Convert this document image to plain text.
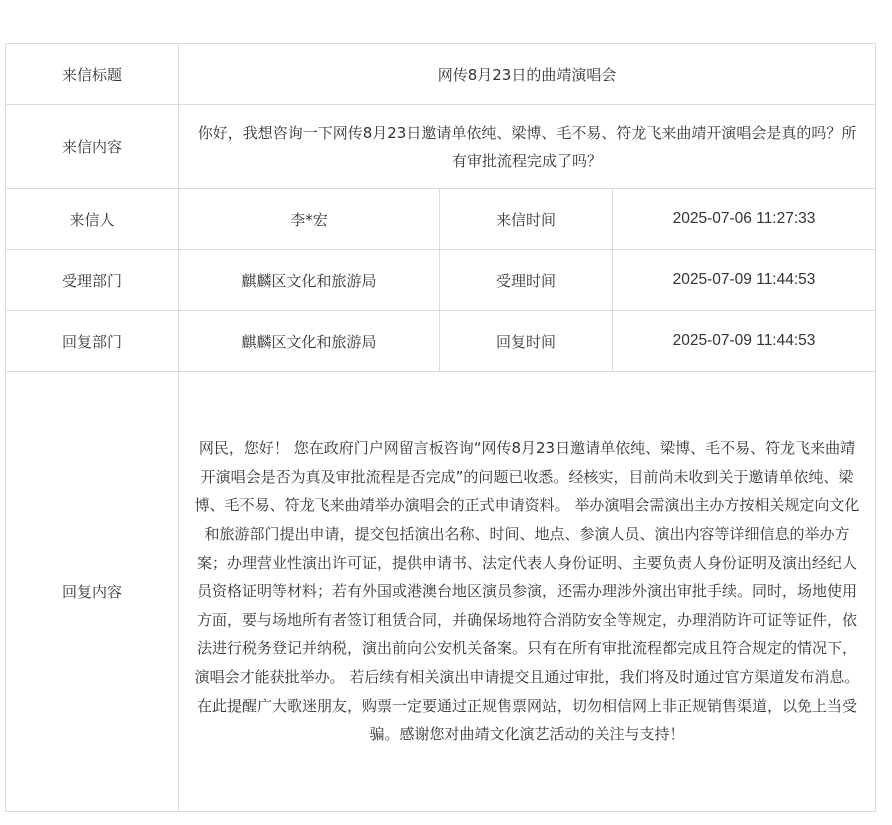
来信标题	网传8月23日的曲靖演唱会		
来信内容	你好，我想咨询一下网传8月23日邀请单依纯、梁博、毛不易、符龙飞来曲靖开演唱会是真的吗？所有审批流程完成了吗？		
来信人	李*宏	来信时间	2025-07-06 11:27:33
受理部门	麒麟区文化和旅游局	受理时间	2025-07-09 11:44:53
回复部门	麒麟区文化和旅游局	回复时间	2025-07-09 11:44:53
回复内容	网民，您好！ 您在政府门户网留言板咨询“网传8月23日邀请单依纯、梁博、毛不易、符龙飞来曲靖开演唱会是否为真及审批流程是否完成”的问题已收悉。经核实，目前尚未收到关于邀请单依纯、梁博、毛不易、符龙飞来曲靖举办演唱会的正式申请资料。 举办演唱会需演出主办方按相关规定向文化和旅游部门提出申请，提交包括演出名称、时间、地点、参演人员、演出内容等详细信息的举办方案；办理营业性演出许可证，提供申请书、法定代表人身份证明、主要负责人身份证明及演出经纪人员资格证明等材料；若有外国或港澳台地区演员参演，还需办理涉外演出审批手续。同时，场地使用方面，要与场地所有者签订租赁合同，并确保场地符合消防安全等规定，办理消防许可证等证件，依法进行税务登记并纳税，演出前向公安机关备案。只有在所有审批流程都完成且符合规定的情况下，演唱会才能获批举办。 若后续有相关演出申请提交且通过审批，我们将及时通过官方渠道发布消息。在此提醒广大歌迷朋友，购票一定要通过正规售票网站，切勿相信网上非正规销售渠道，以免上当受骗。感谢您对曲靖文化演艺活动的关注与支持！		
